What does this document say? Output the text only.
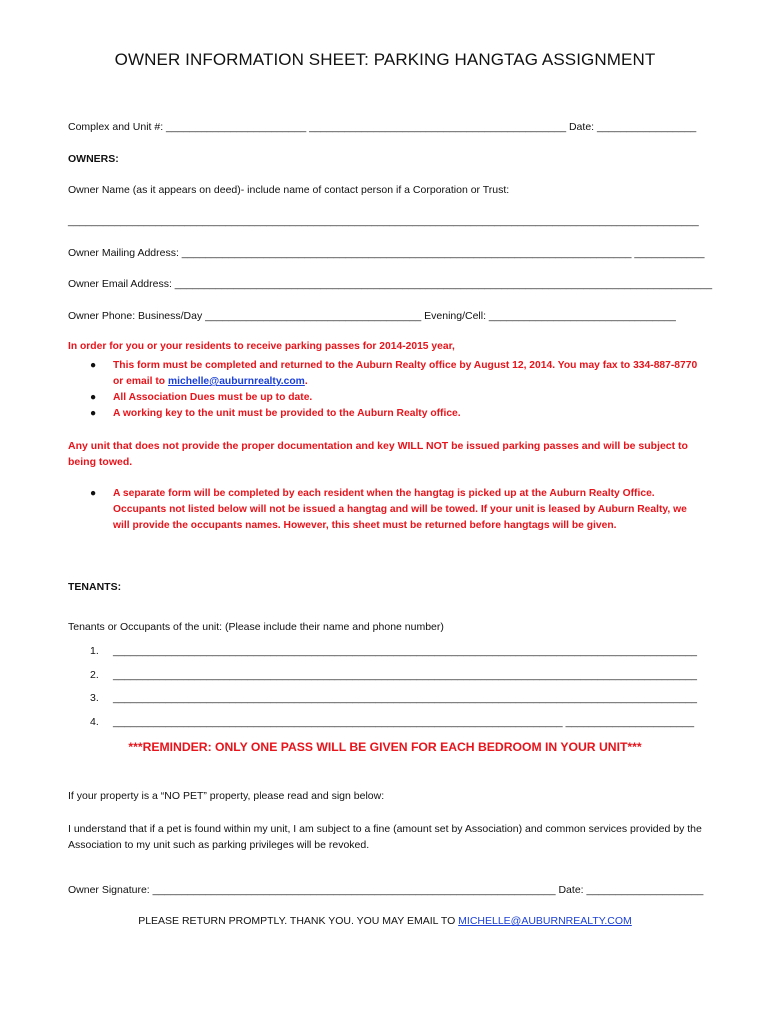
OWNER INFORMATION SHEET: PARKING HANGTAG ASSIGNMENT
Complex and Unit #: ________________________ ____________________________________________ Date: _________________
OWNERS:
Owner Name (as it appears on deed)- include name of contact person if a Corporation or Trust:
____________________________________________________________________________________________________________
Owner Mailing Address: _____________________________________________________________________________ ____________
Owner Email Address: ____________________________________________________________________________________________
Owner Phone: Business/Day _____________________________________ Evening/Cell: ________________________________
In order for you or your residents to receive parking passes for 2014-2015 year,
● This form must be completed and returned to the Auburn Realty office by August 12, 2014. You may fax to 334-887-8770 or email to michelle@auburnrealty.com.
● All Association Dues must be up to date.
● A working key to the unit must be provided to the Auburn Realty office.
Any unit that does not provide the proper documentation and key WILL NOT be issued parking passes and will be subject to being towed.
● A separate form will be completed by each resident when the hangtag is picked up at the Auburn Realty Office. Occupants not listed below will not be issued a hangtag and will be towed. If your unit is leased by Auburn Realty, we will provide the occupants names. However, this sheet must be returned before hangtags will be given.
TENANTS:
Tenants or Occupants of the unit: (Please include their name and phone number)
1. ____________________________________________________________________________________________________
2. ____________________________________________________________________________________________________
3. ____________________________________________________________________________________________________
4. _____________________________________________________________________________ ______________________
***REMINDER: ONLY ONE PASS WILL BE GIVEN FOR EACH BEDROOM IN YOUR UNIT***
If your property is a “NO PET” property, please read and sign below:
I understand that if a pet is found within my unit, I am subject to a fine (amount set by Association) and common services provided by the Association to my unit such as parking privileges will be revoked.
Owner Signature: _____________________________________________________________________ Date: ____________________
PLEASE RETURN PROMPTLY. THANK YOU. YOU MAY EMAIL TO MICHELLE@AUBURNREALTY.COM
